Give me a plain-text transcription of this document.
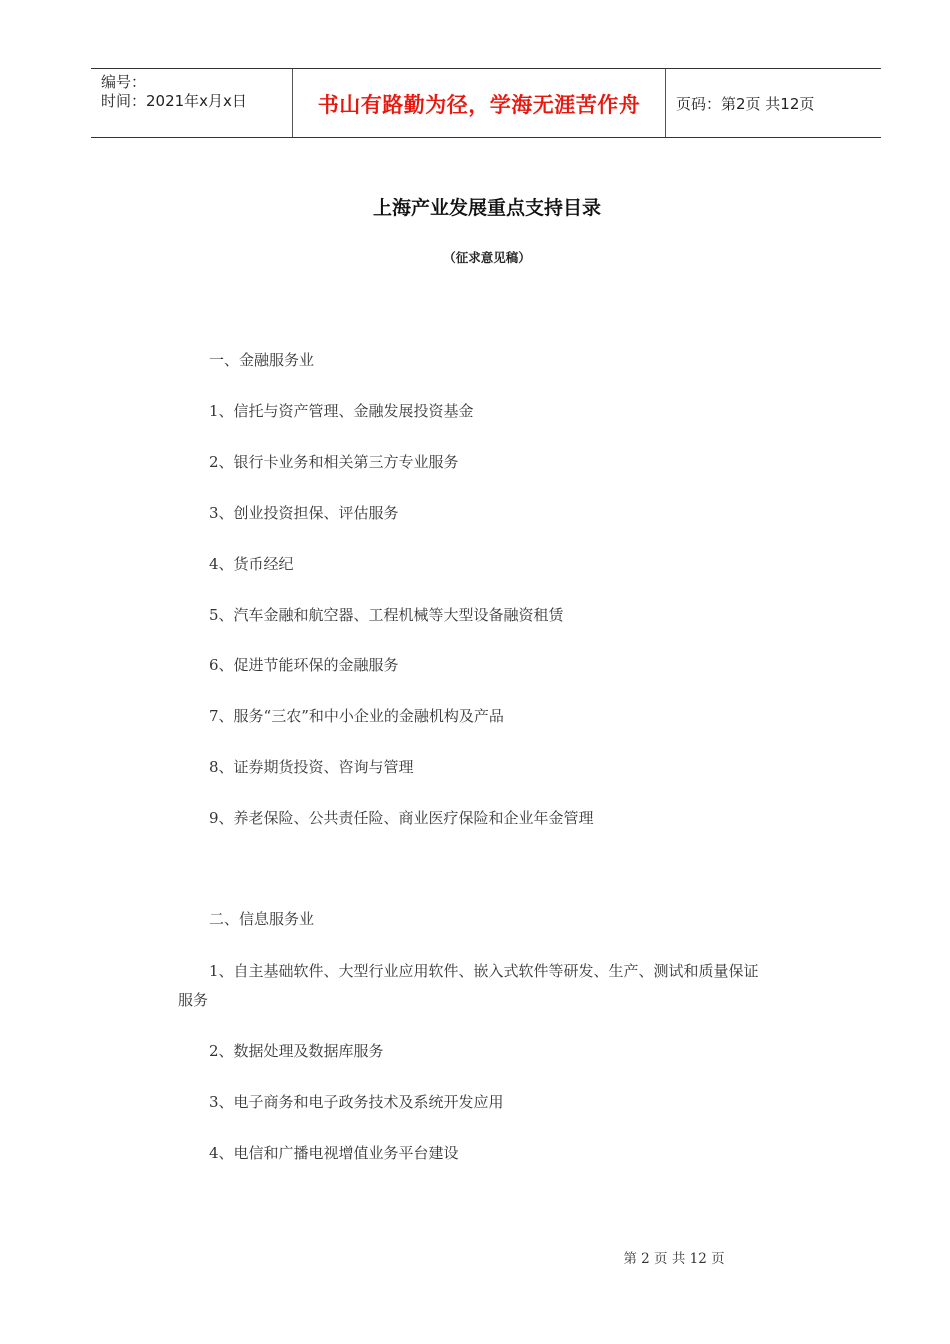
编号：
时间：2021年x月x日	书山有路勤为径，学海无涯苦作舟	页码：第2页 共12页
上海产业发展重点支持目录
（征求意见稿）
一、金融服务业
1、信托与资产管理、金融发展投资基金
2、银行卡业务和相关第三方专业服务
3、创业投资担保、评估服务
4、货币经纪
5、汽车金融和航空器、工程机械等大型设备融资租赁
6、促进节能环保的金融服务
7、服务“三农”和中小企业的金融机构及产品
8、证券期货投资、咨询与管理
9、养老保险、公共责任险、商业医疗保险和企业年金管理
二、信息服务业
1、自主基础软件、大型行业应用软件、嵌入式软件等研发、生产、测试和质量保证
服务
2、数据处理及数据库服务
3、电子商务和电子政务技术及系统开发应用
4、电信和广播电视增值业务平台建设
第 2 页 共 12 页
